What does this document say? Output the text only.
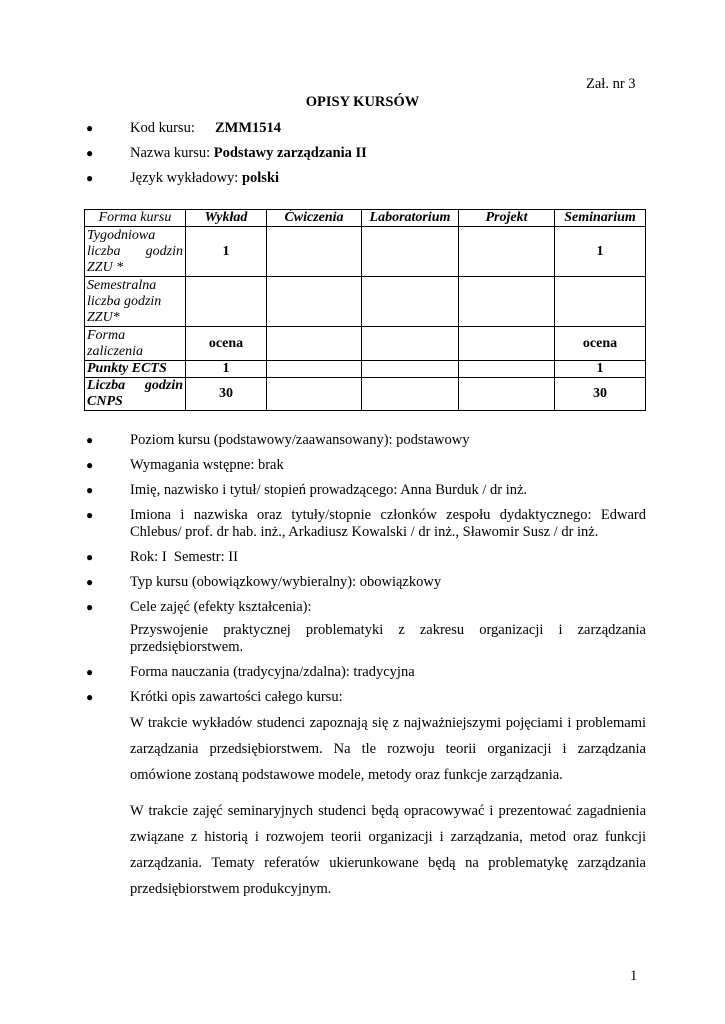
Zał. nr 3
OPISY KURSÓW
●	Kod kursu: ZMM1514
●	Nazwa kursu: Podstawy zarządzania II
●	Język wykładowy: polski
Forma kursu	Wykład	Ćwiczenia	Laboratorium	Projekt	Seminarium
Tygodniowa liczba godzin ZZU *	1				1
Semestralna liczba godzin ZZU*					
Forma zaliczenia	ocena				ocena
Punkty ECTS	1				1
Liczba godzin CNPS	30				30
●	Poziom kursu (podstawowy/zaawansowany): podstawowy
●	Wymagania wstępne: brak
●	Imię, nazwisko i tytuł/ stopień prowadzącego: Anna Burduk / dr inż.
●	Imiona i nazwiska oraz tytuły/stopnie członków zespołu dydaktycznego: Edward Chlebus/ prof. dr hab. inż., Arkadiusz Kowalski / dr inż., Sławomir Susz / dr inż.
●	Rok: I  Semestr: II
●	Typ kursu (obowiązkowy/wybieralny): obowiązkowy
●	Cele zajęć (efekty kształcenia):
Przyswojenie praktycznej problematyki z zakresu organizacji i zarządzania przedsiębiorstwem.
●	Forma nauczania (tradycyjna/zdalna): tradycyjna
●	Krótki opis zawartości całego kursu:
W trakcie wykładów studenci zapoznają się z najważniejszymi pojęciami i problemami zarządzania przedsiębiorstwem. Na tle rozwoju teorii organizacji i zarządzania omówione zostaną podstawowe modele, metody oraz funkcje zarządzania.
W trakcie zajęć seminaryjnych studenci będą opracowywać i prezentować zagadnienia związane z historią i rozwojem teorii organizacji i zarządzania, metod oraz funkcji zarządzania. Tematy referatów ukierunkowane będą na problematykę zarządzania przedsiębiorstwem produkcyjnym.
1
